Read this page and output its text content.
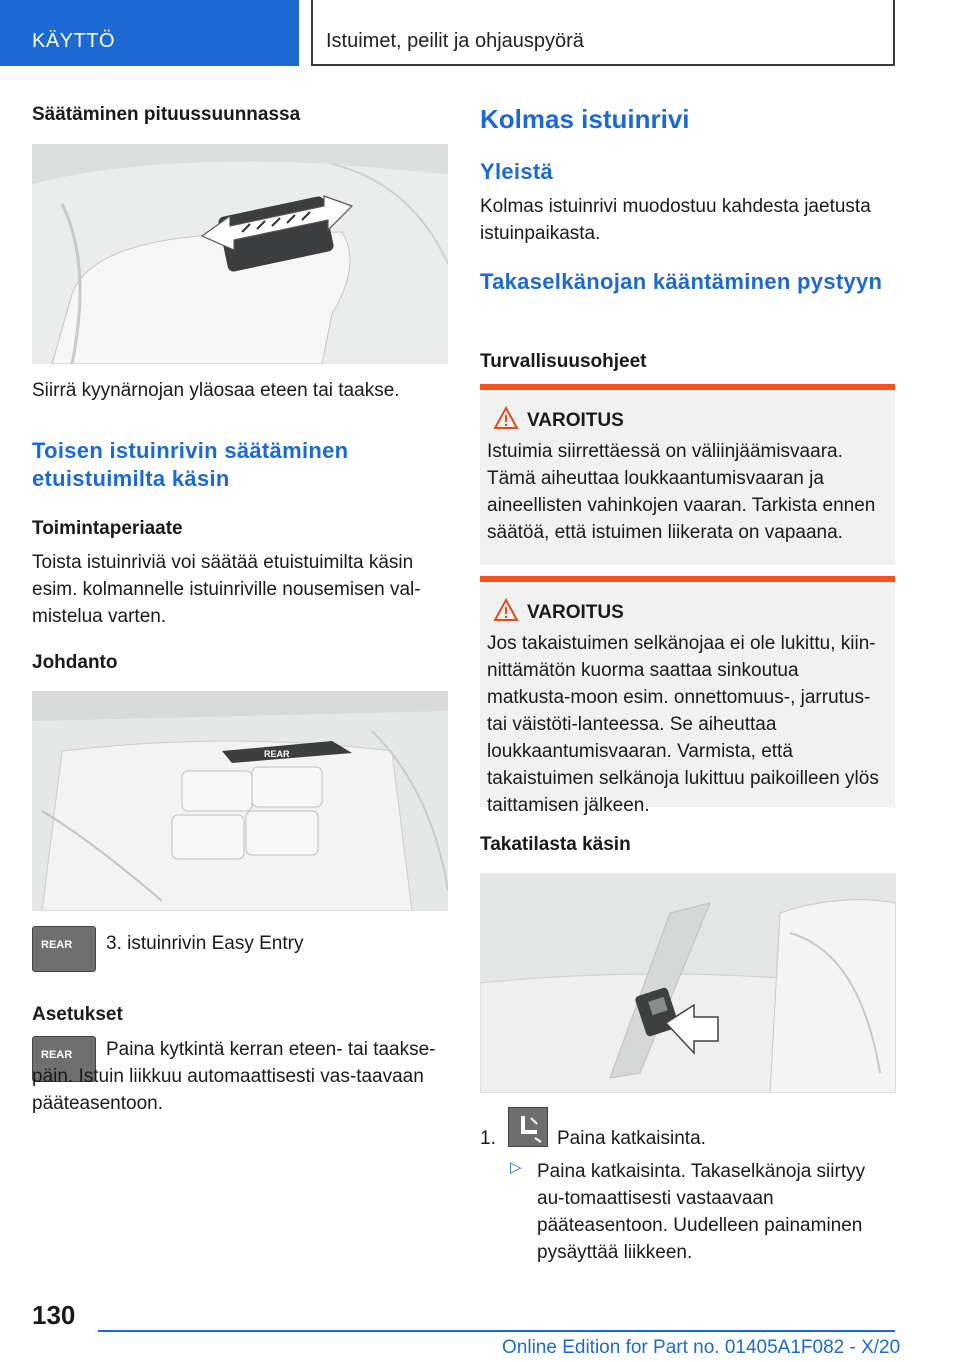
KÄYTTÖ	Istuimet, peilit ja ohjauspyörä
Säätäminen pituussuunnassa
Siirrä kyynärnojan yläosaa eteen tai taakse.
Toisen istuinrivin säätäminen etuistuimilta käsin
Toimintaperiaate
Toista istuinriviä voi säätää etuistuimilta käsin esim. kolmannelle istuinriville nousemisen val-mistelua varten.
Johdanto
REAR
REAR 3. istuinrivin Easy Entry
Asetukset
REAR	Paina kytkintä kerran eteen- tai taakse-päin. Istuin liikkuu automaattisesti vas-taavaan pääteasentoon.
Kolmas istuinrivi
Yleistä
Kolmas istuinrivi muodostuu kahdesta jaetusta istuinpaikasta.
Takaselkänojan kääntäminen pystyyn
Turvallisuusohjeet
VAROITUS
Istuimia siirrettäessä on väliinjäämisvaara. Tämä aiheuttaa loukkaantumisvaaran ja aineellisten vahinkojen vaaran. Tarkista ennen säätöä, että istuimen liikerata on vapaana.
VAROITUS
Jos takaistuimen selkänojaa ei ole lukittu, kiin-nittämätön kuorma saattaa sinkoutua matkusta-moon esim. onnettomuus-, jarrutus- tai väistöti-lanteessa. Se aiheuttaa loukkaantumisvaaran. Varmista, että takaistuimen selkänoja lukittuu paikoilleen ylös taittamisen jälkeen.
Takatilasta käsin
1.	Paina katkaisinta.
▷ Paina katkaisinta. Takaselkänoja siirtyy au-tomaattisesti vastaavaan pääteasentoon. Uudelleen painaminen pysäyttää liikkeen.
130
Online Edition for Part no. 01405A1F082 - X/20
